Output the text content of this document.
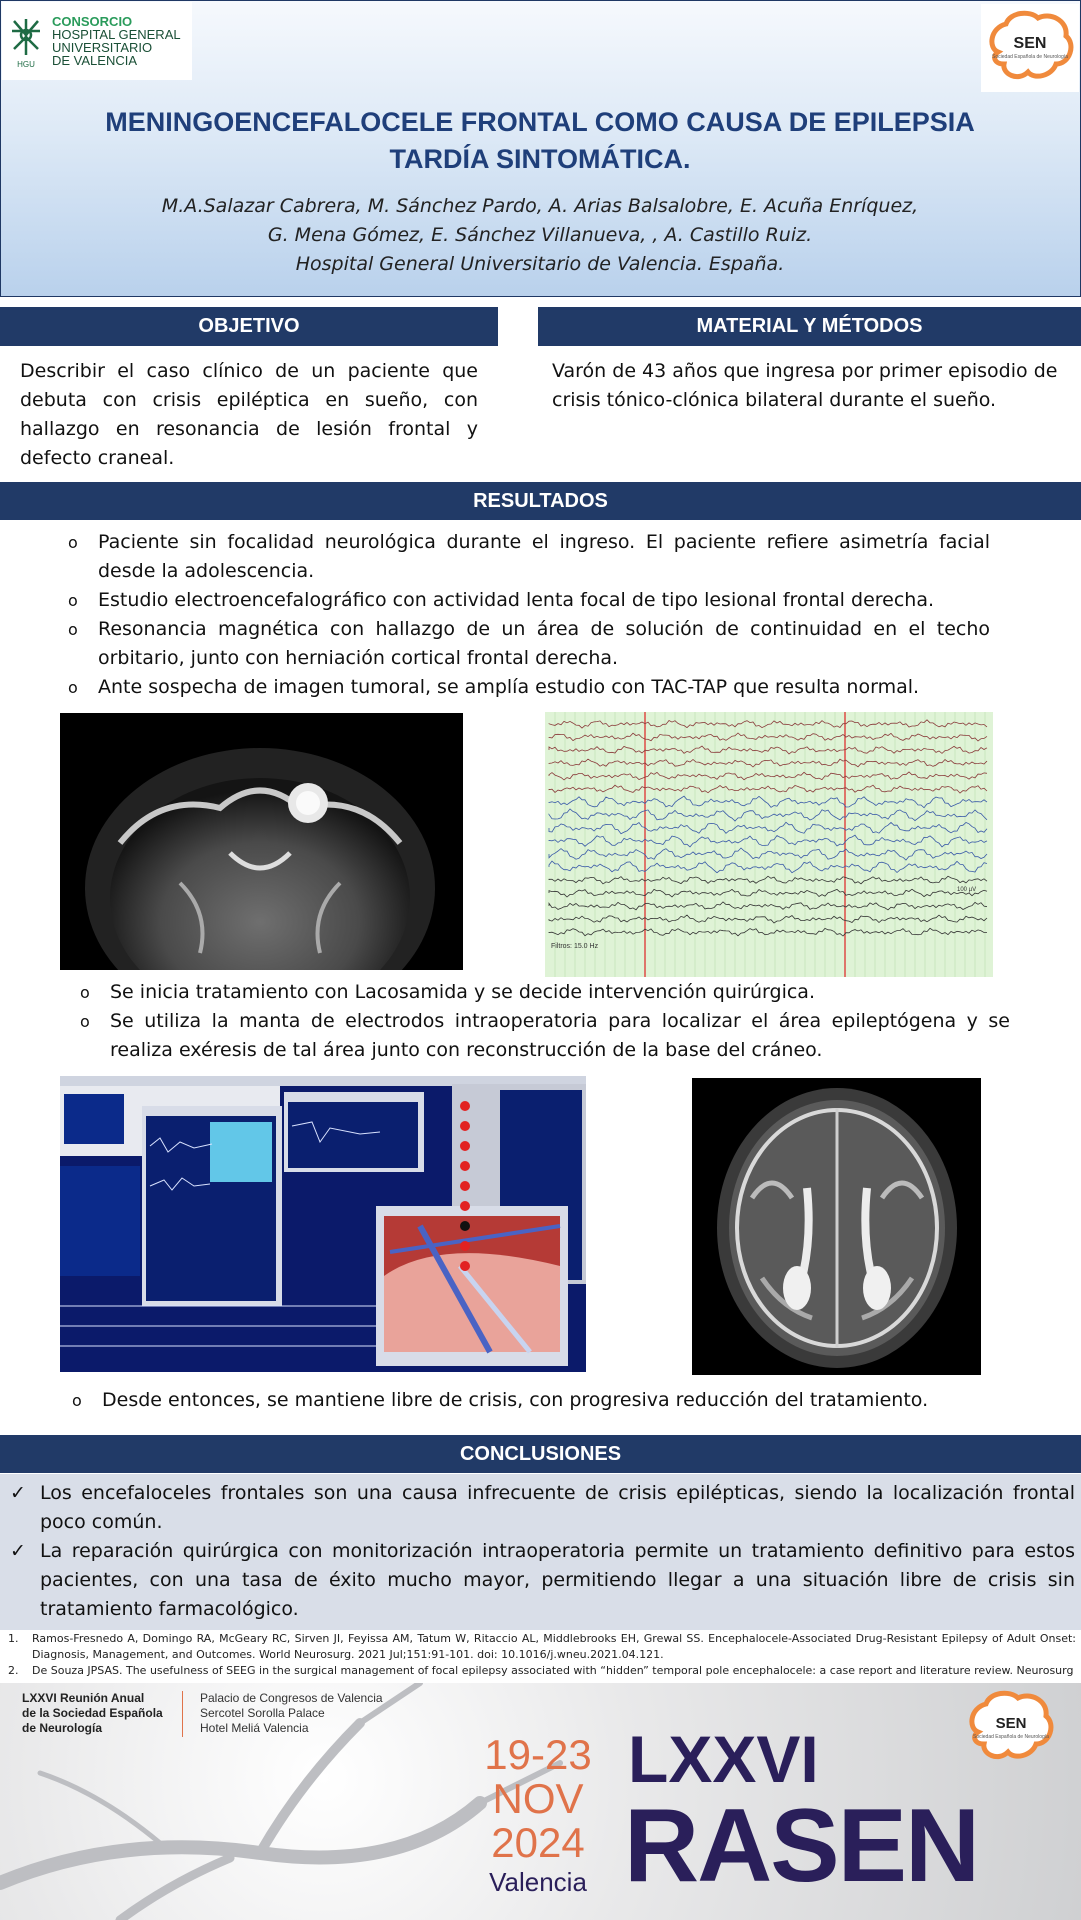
HGU
CONSORCIO
HOSPITAL GENERAL
UNIVERSITARIO
DE VALENCIA
SEN
Sociedad Española de Neurología
MENINGOENCEFALOCELE FRONTAL COMO CAUSA DE EPILEPSIA
TARDÍA SINTOMÁTICA.
M.A.Salazar Cabrera, M. Sánchez Pardo, A. Arias Balsalobre, E. Acuña Enríquez,
G. Mena Gómez, E. Sánchez Villanueva, , A. Castillo Ruiz.
Hospital General Universitario de Valencia. España.
OBJETIVO	MATERIAL Y MÉTODOS
Describir el caso clínico de un paciente que debuta con crisis epiléptica en sueño, con hallazgo en resonancia de lesión frontal y defecto craneal.
Varón de 43 años que ingresa por primer episodio de crisis tónico-clónica bilateral durante el sueño.
RESULTADOS
o Paciente sin focalidad neurológica durante el ingreso. El paciente refiere asimetría facial desde la adolescencia.
o Estudio electroencefalográfico con actividad lenta focal de tipo lesional frontal derecha.
o Resonancia magnética con hallazgo de un área de solución de continuidad en el techo orbitario, junto con herniación cortical frontal derecha.
o Ante sospecha de imagen tumoral, se amplía estudio con TAC-TAP que resulta normal.
Filtros: 15.0 Hz
100 µV
o Se inicia tratamiento con Lacosamida y se decide intervención quirúrgica.
o Se utiliza la manta de electrodos intraoperatoria para localizar el área epileptógena y se realiza exéresis de tal área junto con reconstrucción de la base del cráneo.
o Desde entonces, se mantiene libre de crisis, con progresiva reducción del tratamiento.
CONCLUSIONES
• ✓ Los encefaloceles frontales son una causa infrecuente de crisis epilépticas, siendo la localización frontal poco común.
• ✓ La reparación quirúrgica con monitorización intraoperatoria permite un tratamiento definitivo para estos pacientes, con una tasa de éxito mucho mayor, permitiendo llegar a una situación libre de crisis sin tratamiento farmacológico.
1. Ramos-Fresnedo A, Domingo RA, McGeary RC, Sirven JI, Feyissa AM, Tatum W, Ritaccio AL, Middlebrooks EH, Grewal SS. Encephalocele-Associated Drug-Resistant Epilepsy of Adult Onset: Diagnosis, Management, and Outcomes. World Neurosurg. 2021 Jul;151:91-101. doi: 10.1016/j.wneu.2021.04.121.
2. De Souza JPSAS. The usefulness of SEEG in the surgical management of focal epilepsy associated with “hidden” temporal pole encephalocele: a case report and literature review. Neurosurg
LXXVI Reunión Anual
de la Sociedad Española
de Neurología
Palacio de Congresos de Valencia
Sercotel Sorolla Palace
Hotel Meliá Valencia
19-23
NOV
2024
Valencia
LXXVI
RASEN
SEN
Sociedad Española de Neurología
